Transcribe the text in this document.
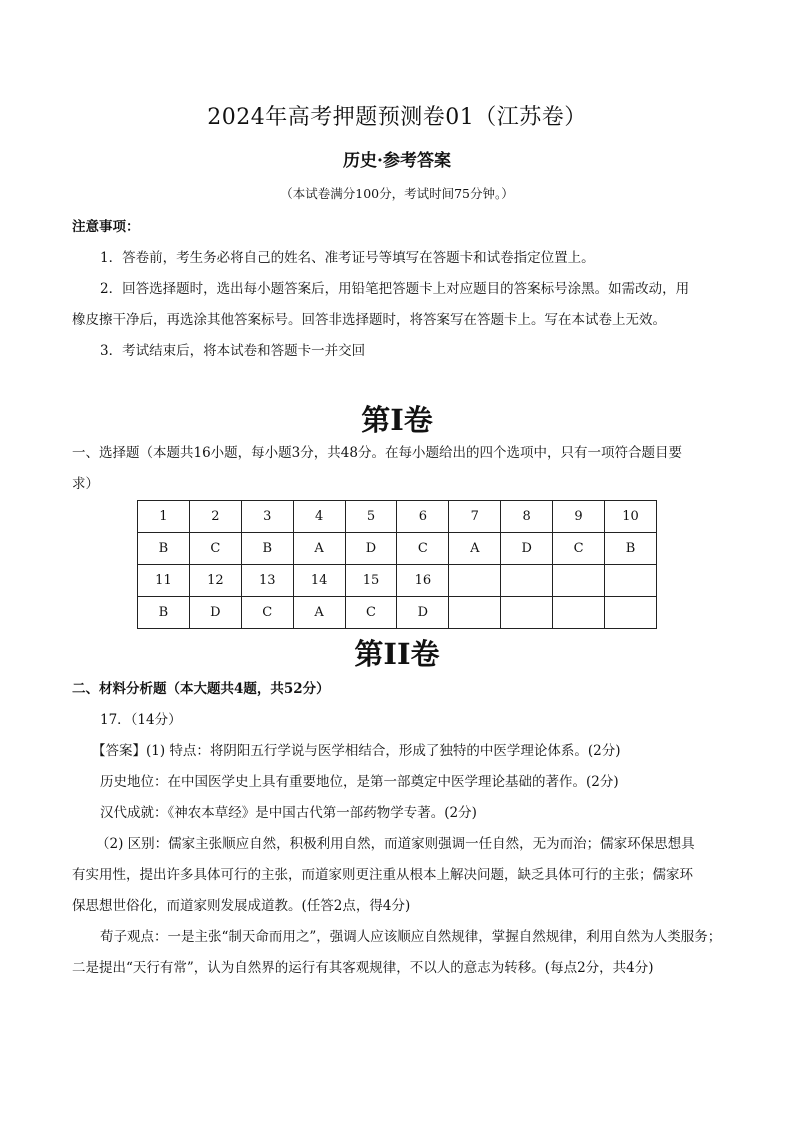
2024年高考押题预测卷01（江苏卷）
历史·参考答案
（本试卷满分100分，考试时间75分钟。）

注意事项：

1．答卷前，考生务必将自己的姓名、准考证号等填写在答题卡和试卷指定位置上。

2．回答选择题时，选出每小题答案后，用铅笔把答题卡上对应题目的答案标号涂黑。如需改动，用

橡皮擦干净后，再选涂其他答案标号。回答非选择题时，将答案写在答题卡上。写在本试卷上无效。

3．考试结束后，将本试卷和答题卡一并交回

第I卷

一、选择题（本题共16小题，每小题3分，共48分。在每小题给出的四个选项中，只有一项符合题目要

求）

1	2	3	4	5	6	7	8	9	10
B	C	B	A	D	C	A	D	C	B
11	12	13	14	15	16				
B	D	C	A	C	D				
第II卷

二、材料分析题（本大题共4题，共52分）

17．（14分）

【答案】(1) 特点：将阴阳五行学说与医学相结合，形成了独特的中医学理论体系。(2分)

历史地位：在中国医学史上具有重要地位，是第一部奠定中医学理论基础的著作。(2分)

汉代成就：《神农本草经》是中国古代第一部药物学专著。(2分)

（2) 区别：儒家主张顺应自然，积极利用自然，而道家则强调一任自然，无为而治；儒家环保思想具

有实用性，提出许多具体可行的主张，而道家则更注重从根本上解决问题，缺乏具体可行的主张；儒家环

保思想世俗化，而道家则发展成道教。(任答2点，得4分)

荀子观点：一是主张“制天命而用之”，强调人应该顺应自然规律，掌握自然规律，利用自然为人类服务；

二是提出“天行有常”，认为自然界的运行有其客观规律，不以人的意志为转移。(每点2分，共4分)
